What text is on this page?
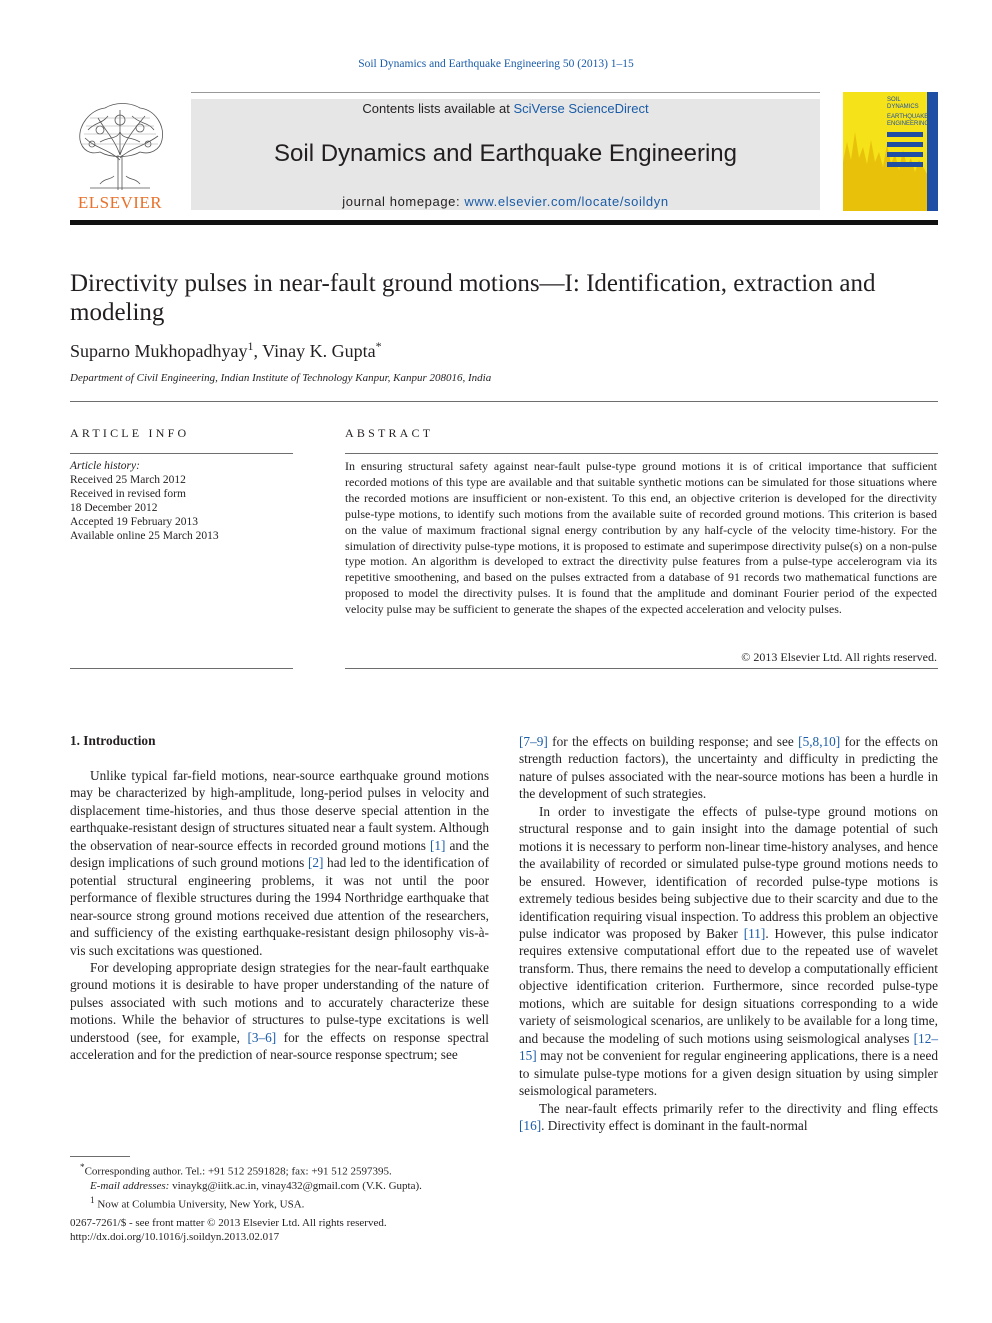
Soil Dynamics and Earthquake Engineering 50 (2013) 1–15
ELSEVIER
Contents lists available at SciVerse ScienceDirect
Soil Dynamics and Earthquake Engineering
journal homepage: www.elsevier.com/locate/soildyn
SOIL
DYNAMICS
EARTHQUAKE
ENGINEERING
Directivity pulses in near-fault ground motions—I: Identification, extraction and modeling
Suparno Mukhopadhyay$^1$, Vinay K. Gupta*
Department of Civil Engineering, Indian Institute of Technology Kanpur, Kanpur 208016, India
ARTICLE INFO
Article history:
Received 25 March 2012
Received in revised form
18 December 2012
Accepted 19 February 2013
Available online 25 March 2013
ABSTRACT
In ensuring structural safety against near-fault pulse-type ground motions it is of critical importance that sufficient recorded motions of this type are available and that suitable synthetic motions can be simulated for those situations where the recorded motions are insufficient or non-existent. To this end, an objective criterion is developed for the directivity pulse-type motions, to identify such motions from the available suite of recorded ground motions. This criterion is based on the value of maximum fractional signal energy contribution by any half-cycle of the velocity time-history. For the simulation of directivity pulse-type motions, it is proposed to estimate and superimpose directivity pulse(s) on a non-pulse type motion. An algorithm is developed to extract the directivity pulse features from a pulse-type accelerogram via its repetitive smoothening, and based on the pulses extracted from a database of 91 records two mathematical functions are proposed to model the directivity pulses. It is found that the amplitude and dominant Fourier period of the expected velocity pulse may be sufficient to generate the shapes of the expected acceleration and velocity pulses.
© 2013 Elsevier Ltd. All rights reserved.
1. Introduction

Unlike typical far-field motions, near-source earthquake ground motions may be characterized by high-amplitude, long-period pulses in velocity and displacement time-histories, and thus those deserve special attention in the earthquake-resistant design of structures situated near a fault system. Although the observation of near-source effects in recorded ground motions [1] and the design implications of such ground motions [2] had led to the identification of potential structural engineering problems, it was not until the poor performance of flexible structures during the 1994 Northridge earthquake that near-source strong ground motions received due attention of the researchers, and sufficiency of the existing earthquake-resistant design philosophy vis-à-vis such excitations was questioned.

For developing appropriate design strategies for the near-fault earthquake ground motions it is desirable to have proper understanding of the nature of pulses associated with such motions and to accurately characterize these motions. While the behavior of structures to pulse-type excitations is well understood (see, for example, [3–6] for the effects on response spectral acceleration and for the prediction of near-source response spectrum; see

[7–9] for the effects on building response; and see [5,8,10] for the effects on strength reduction factors), the uncertainty and difficulty in predicting the nature of pulses associated with the near-source motions has been a hurdle in the development of such strategies.

In order to investigate the effects of pulse-type ground motions on structural response and to gain insight into the damage potential of such motions it is necessary to perform non-linear time-history analyses, and hence the availability of recorded or simulated pulse-type ground motions needs to be ensured. However, identification of recorded pulse-type motions is extremely tedious besides being subjective due to their scarcity and due to the identification requiring visual inspection. To address this problem an objective pulse indicator was proposed by Baker [11]. However, this pulse indicator requires extensive computational effort due to the repeated use of wavelet transform. Thus, there remains the need to develop a computationally efficient objective identification criterion. Furthermore, since recorded pulse-type motions, which are suitable for design situations corresponding to a wide variety of seismological scenarios, are unlikely to be available for a long time, and because the modeling of such motions using seismological analyses [12–15] may not be convenient for regular engineering applications, there is a need to simulate pulse-type motions for a given design situation by using simpler seismological parameters.

The near-fault effects primarily refer to the directivity and fling effects [16]. Directivity effect is dominant in the fault-normal

*Corresponding author. Tel.: +91 512 2591828; fax: +91 512 2597395.
E-mail addresses: vinaykg@iitk.ac.in, vinay432@gmail.com (V.K. Gupta).
$^1$ Now at Columbia University, New York, USA.
0267-7261/$ - see front matter © 2013 Elsevier Ltd. All rights reserved.
http://dx.doi.org/10.1016/j.soildyn.2013.02.017
